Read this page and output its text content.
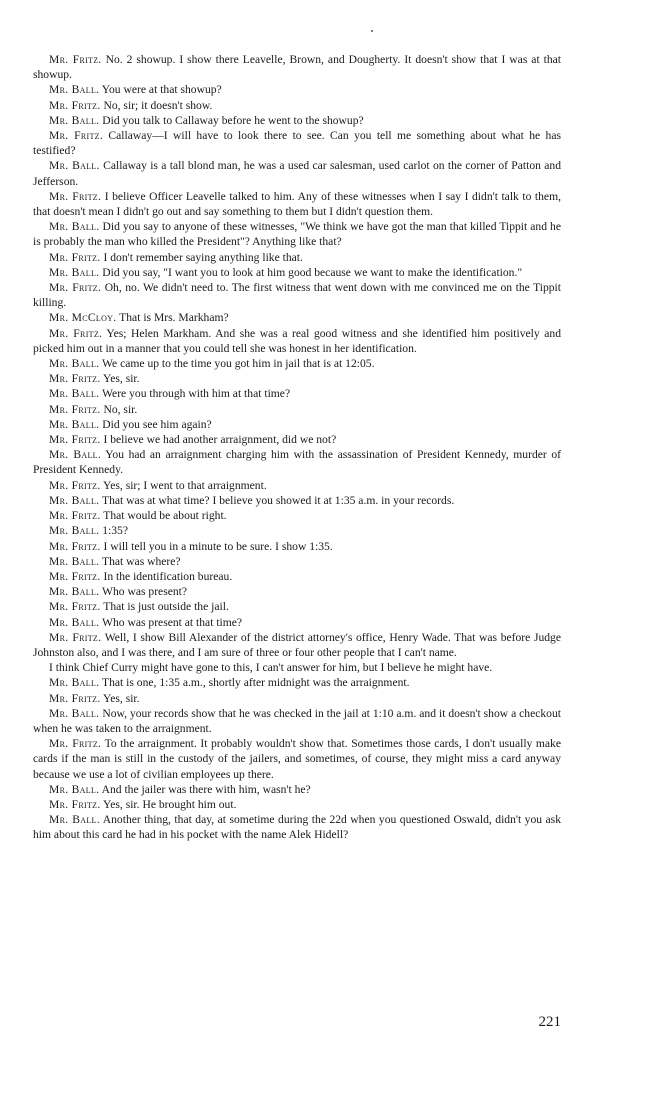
Mr. Fritz. No. 2 showup. I show there Leavelle, Brown, and Dougherty. It doesn't show that I was at that showup.

Mr. Ball. You were at that showup?

Mr. Fritz. No, sir; it doesn't show.

Mr. Ball. Did you talk to Callaway before he went to the showup?

Mr. Fritz. Callaway—I will have to look there to see. Can you tell me something about what he has testified?

Mr. Ball. Callaway is a tall blond man, he was a used car salesman, used carlot on the corner of Patton and Jefferson.

Mr. Fritz. I believe Officer Leavelle talked to him. Any of these witnesses when I say I didn't talk to them, that doesn't mean I didn't go out and say something to them but I didn't question them.

Mr. Ball. Did you say to anyone of these witnesses, "We think we have got the man that killed Tippit and he is probably the man who killed the President"? Anything like that?

Mr. Fritz. I don't remember saying anything like that.

Mr. Ball. Did you say, "I want you to look at him good because we want to make the identification."

Mr. Fritz. Oh, no. We didn't need to. The first witness that went down with me convinced me on the Tippit killing.

Mr. McCloy. That is Mrs. Markham?

Mr. Fritz. Yes; Helen Markham. And she was a real good witness and she identified him positively and picked him out in a manner that you could tell she was honest in her identification.

Mr. Ball. We came up to the time you got him in jail that is at 12:05.

Mr. Fritz. Yes, sir.

Mr. Ball. Were you through with him at that time?

Mr. Fritz. No, sir.

Mr. Ball. Did you see him again?

Mr. Fritz. I believe we had another arraignment, did we not?

Mr. Ball. You had an arraignment charging him with the assassination of President Kennedy, murder of President Kennedy.

Mr. Fritz. Yes, sir; I went to that arraignment.

Mr. Ball. That was at what time? I believe you showed it at 1:35 a.m. in your records.

Mr. Fritz. That would be about right.

Mr. Ball. 1:35?

Mr. Fritz. I will tell you in a minute to be sure. I show 1:35.

Mr. Ball. That was where?

Mr. Fritz. In the identification bureau.

Mr. Ball. Who was present?

Mr. Fritz. That is just outside the jail.

Mr. Ball. Who was present at that time?

Mr. Fritz. Well, I show Bill Alexander of the district attorney's office, Henry Wade. That was before Judge Johnston also, and I was there, and I am sure of three or four other people that I can't name.

I think Chief Curry might have gone to this, I can't answer for him, but I believe he might have.

Mr. Ball. That is one, 1:35 a.m., shortly after midnight was the arraignment.

Mr. Fritz. Yes, sir.

Mr. Ball. Now, your records show that he was checked in the jail at 1:10 a.m. and it doesn't show a checkout when he was taken to the arraignment.

Mr. Fritz. To the arraignment. It probably wouldn't show that. Sometimes those cards, I don't usually make cards if the man is still in the custody of the jailers, and sometimes, of course, they might miss a card anyway because we use a lot of civilian employees up there.

Mr. Ball. And the jailer was there with him, wasn't he?

Mr. Fritz. Yes, sir. He brought him out.

Mr. Ball. Another thing, that day, at sometime during the 22d when you questioned Oswald, didn't you ask him about this card he had in his pocket with the name Alek Hidell?

221
